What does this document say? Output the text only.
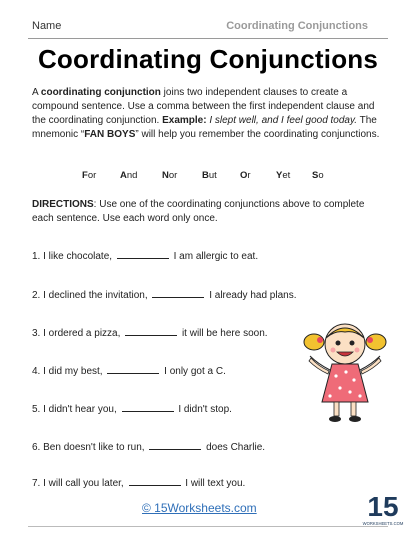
Name	Coordinating Conjunctions
Coordinating Conjunctions
A coordinating conjunction joins two independent clauses to create a compound sentence. Use a comma between the first independent clause and the coordinating conjunction. Example: I slept well, and I feel good today. The mnemonic “FAN BOYS” will help you remember the coordinating conjunctions.
For And	Nor	But Or	Yet So
DIRECTIONS: Use one of the coordinating conjunctions above to complete each sentence. Use each word only once.
1. I like chocolate,	I am allergic to eat.
2. I declined the invitation,	I already had plans.
3. I ordered a pizza,	it will be here soon.
4. I did my best,	I only got a C.
5. I didn't hear you,	I didn't stop.
6. Ben doesn't like to run,	does Charlie.
7. I will call you later,	I will text you.
© 15Worksheets.com	15
WORKSHEETS.COM
